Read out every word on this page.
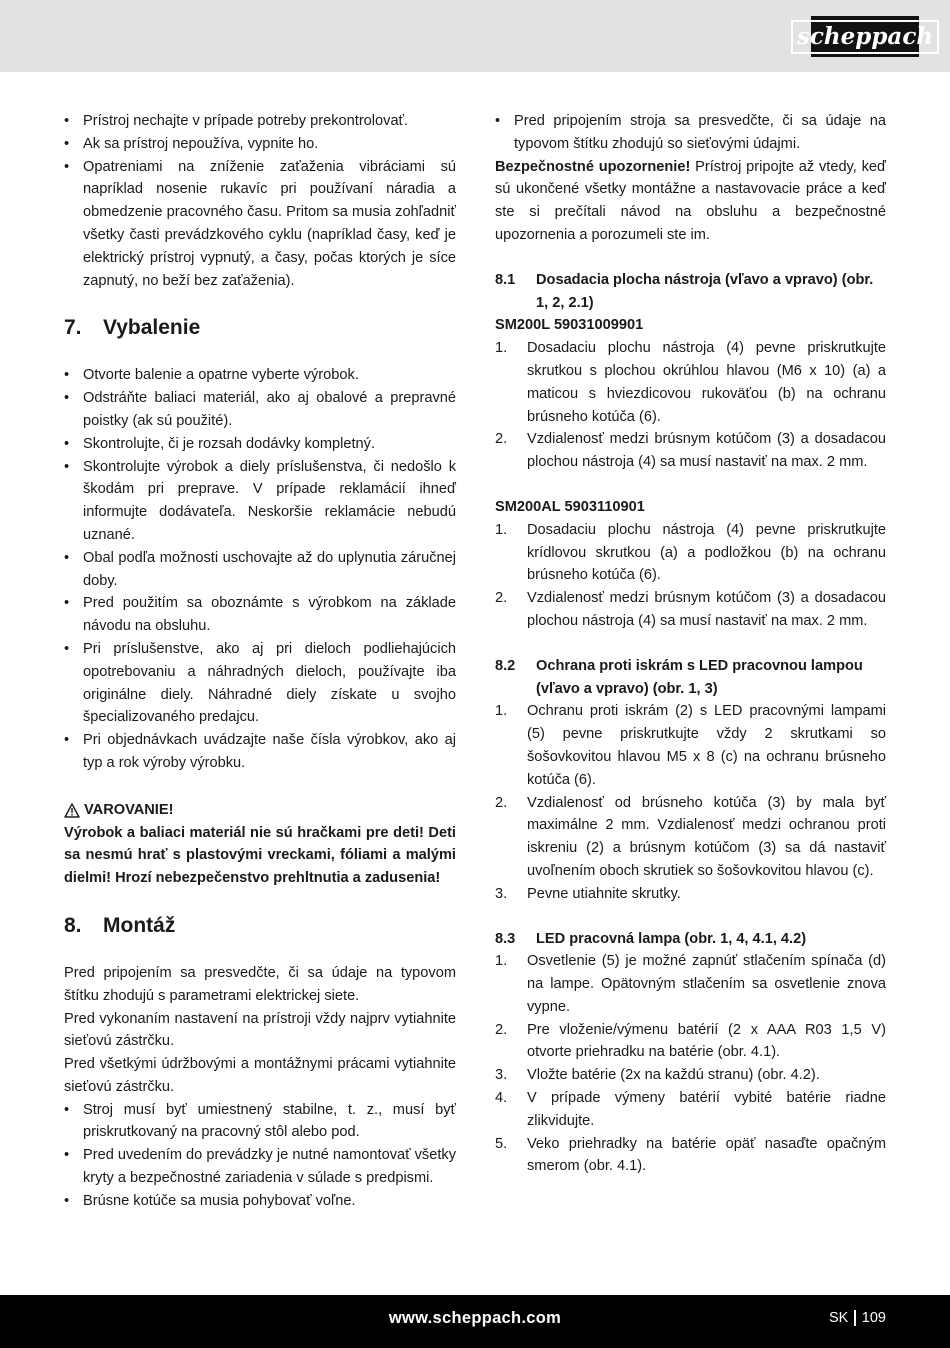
scheppach
• Prístroj nechajte v prípade potreby prekontrolovať.
• Ak sa prístroj nepoužíva, vypnite ho.
• Opatreniami na zníženie zaťaženia vibráciami sú napríklad nosenie rukavíc pri používaní náradia a obmedzenie pracovného času. Pritom sa musia zohľadniť všetky časti prevádzkového cyklu (napríklad časy, keď je elektrický prístroj vypnutý, a časy, počas ktorých je síce zapnutý, no beží bez zaťaženia).
7. Vybalenie
• Otvorte balenie a opatrne vyberte výrobok.
• Odstráňte baliaci materiál, ako aj obalové a prepravné poistky (ak sú použité).
• Skontrolujte, či je rozsah dodávky kompletný.
• Skontrolujte výrobok a diely príslušenstva, či nedošlo k škodám pri preprave. V prípade reklamácií ihneď informujte dodávateľa. Neskoršie reklamácie nebudú uznané.
• Obal podľa možnosti uschovajte až do uplynutia záručnej doby.
• Pred použitím sa oboznámte s výrobkom na základe návodu na obsluhu.
• Pri príslušenstve, ako aj pri dieloch podliehajúcich opotrebovaniu a náhradných dieloch, používajte iba originálne diely. Náhradné diely získate u svojho špecializovaného predajcu.
• Pri objednávkach uvádzajte naše čísla výrobkov, ako aj typ a rok výroby výrobku.
VAROVANIE!
Výrobok a baliaci materiál nie sú hračkami pre deti! Deti sa nesmú hrať s plastovými vreckami, fóliami a malými dielmi! Hrozí nebezpečenstvo prehltnutia a zadusenia!
8. Montáž
Pred pripojením sa presvedčte, či sa údaje na typovom štítku zhodujú s parametrami elektrickej siete.
Pred vykonaním nastavení na prístroji vždy najprv vytiahnite sieťovú zástrčku.
Pred všetkými údržbovými a montážnymi prácami vytiahnite sieťovú zástrčku.
• Stroj musí byť umiestnený stabilne, t. z., musí byť priskrutkovaný na pracovný stôl alebo pod.
• Pred uvedením do prevádzky je nutné namontovať všetky kryty a bezpečnostné zariadenia v súlade s predpismi.
• Brúsne kotúče sa musia pohybovať voľne.
• Pred pripojením stroja sa presvedčte, či sa údaje na typovom štítku zhodujú so sieťovými údajmi.
Bezpečnostné upozornenie! Prístroj pripojte až vtedy, keď sú ukončené všetky montážne a nastavovacie práce a keď ste si prečítali návod na obsluhu a bezpečnostné upozornenia a porozumeli ste im.
8.1 Dosadacia plocha nástroja (vľavo a vpravo) (obr. 1, 2, 2.1)
SM200L 59031009901
1. Dosadaciu plochu nástroja (4) pevne priskrutkujte skrutkou s plochou okrúhlou hlavou (M6 x 10) (a) a maticou s hviezdicovou rukoväťou (b) na ochranu brúsneho kotúča (6).
2. Vzdialenosť medzi brúsnym kotúčom (3) a dosadacou plochou nástroja (4) sa musí nastaviť na max. 2 mm.
SM200AL 5903110901
1. Dosadaciu plochu nástroja (4) pevne priskrutkujte krídlovou skrutkou (a) a podložkou (b) na ochranu brúsneho kotúča (6).
2. Vzdialenosť medzi brúsnym kotúčom (3) a dosadacou plochou nástroja (4) sa musí nastaviť na max. 2 mm.
8.2 Ochrana proti iskrám s LED pracovnou lampou (vľavo a vpravo) (obr. 1, 3)
1. Ochranu proti iskrám (2) s LED pracovnými lampami (5) pevne priskrutkujte vždy 2 skrutkami so šošovkovitou hlavou M5 x 8 (c) na ochranu brúsneho kotúča (6).
2. Vzdialenosť od brúsneho kotúča (3) by mala byť maximálne 2 mm. Vzdialenosť medzi ochranou proti iskreniu (2) a brúsnym kotúčom (3) sa dá nastaviť uvoľnením oboch skrutiek so šošovkovitou hlavou (c).
3. Pevne utiahnite skrutky.
8.3 LED pracovná lampa (obr. 1, 4, 4.1, 4.2)
1. Osvetlenie (5) je možné zapnúť stlačením spínača (d) na lampe. Opätovným stlačením sa osvetlenie znova vypne.
2. Pre vloženie/výmenu batérií (2 x AAA R03 1,5 V) otvorte priehradku na batérie (obr. 4.1).
3. Vložte batérie (2x na každú stranu) (obr. 4.2).
4. V prípade výmeny batérií vybité batérie riadne zlikvidujte.
5. Veko priehradky na batérie opäť nasaďte opačným smerom (obr. 4.1).
www.scheppach.com	SK 109
